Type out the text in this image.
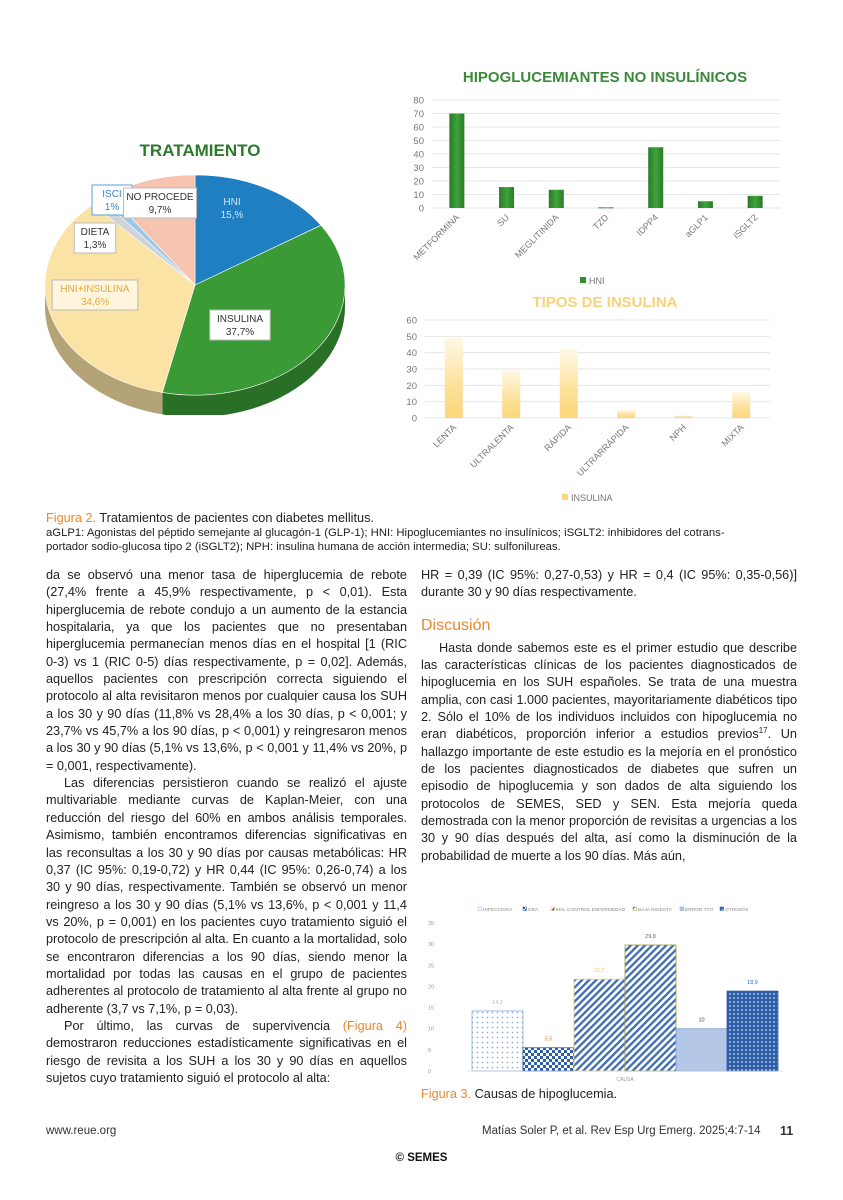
TRATAMIENTO
HNI
15,%
INSULINA
37,7%
HNI+INSULINA
34,6%
DIETA
1,3%
ISCI
1%
NO PROCEDE
9,7%
HIPOGLUCEMIANTES NO INSULÍNICOS
0
10
20
30
40
50
60
70
80
METFORMINA	SU MEGLITINIDA	TZD	IDPP4	aGLP1 iSGLT2
HNI
TIPOS DE INSULINA
0
10
20
30
40
50
60
LENTA ULTRALENTA	RÁPIDA ULTRARRÁPIDA	NPH	MIXTA
INSULINA
Figura 2. Tratamientos de pacientes con diabetes mellitus.
aGLP1: Agonistas del péptido semejante al glucagón-1 (GLP-1); HNI: Hipoglucemiantes no insulínicos; iSGLT2: inhibidores del cotrans-
portador sodio-glucosa tipo 2 (iSGLT2); NPH: insulina humana de acción intermedia; SU: sulfonilureas.

da se observó una menor tasa de hiperglucemia de rebote (27,4% frente a 45,9% respectivamente, p < 0,01). Esta hiperglucemia de rebote condujo a un aumento de la estancia hospitalaria, ya que los pacientes que no presentaban hiperglucemia permanecían menos días en el hospital [1 (RIC 0-3) vs 1 (RIC 0-5) días respectivamente, p = 0,02]. Además, aquellos pacientes con prescripción correcta siguiendo el protocolo al alta revisitaron menos por cualquier causa los SUH a los 30 y 90 días (11,8% vs 28,4% a los 30 días, p < 0,001; y 23,7% vs 45,7% a los 90 días, p < 0,001) y reingresaron menos a los 30 y 90 días (5,1% vs 13,6%, p < 0,001 y 11,4% vs 20%, p = 0,001, respectivamente).

Las diferencias persistieron cuando se realizó el ajuste multivariable mediante curvas de Kaplan-Meier, con una reducción del riesgo del 60% en ambos análisis temporales. Asimismo, también encontramos diferencias significativas en las reconsultas a los 30 y 90 días por causas metabólicas: HR 0,37 (IC 95%: 0,19-0,72) y HR 0,44 (IC 95%: 0,26-0,74) a los 30 y 90 días, respectivamente. También se observó un menor reingreso a los 30 y 90 días (5,1% vs 13,6%, p < 0,001 y 11,4 vs 20%, p = 0,001) en los pacientes cuyo tratamiento siguió el protocolo de prescripción al alta. En cuanto a la mortalidad, solo se encontraron diferencias a los 90 días, siendo menor la mortalidad por todas las causas en el grupo de pacientes adherentes al protocolo de tratamiento al alta frente al grupo no adherente (3,7 vs 7,1%, p = 0,03).

Por último, las curvas de supervivencia (Figura 4) demostraron reducciones estadísticamente significativas en el riesgo de revisita a los SUH a los 30 y 90 días en aquellos sujetos cuyo tratamiento siguió el protocolo al alta:

HR = 0,39 (IC 95%: 0,27-0,53) y HR = 0,4 (IC 95%: 0,35-0,56)] durante 30 y 90 días respectivamente.

Discusión

Hasta donde sabemos este es el primer estudio que describe las características clínicas de los pacientes diagnosticados de hipoglucemia en los SUH españoles. Se trata de una muestra amplia, con casi 1.000 pacientes, mayoritariamente diabéticos tipo 2. Sólo el 10% de los individuos incluidos con hipoglucemia no eran diabéticos, proporción inferior a estudios previos$^{17}$. Un hallazgo importante de este estudio es la mejoría en el pronóstico de los pacientes diagnosticados de diabetes que sufren un episodio de hipoglucemia y son dados de alta siguiendo los protocolos de SEMES, SED y SEN. Esta mejoría queda demostrada con la menor proporción de revisitas a urgencias a los 30 y 90 días después del alta, así como la disminución de la probabilidad de muerte a los 90 días. Más aún,

0
5
10
15
20
25
30
35
14,2
INFECCIOSA
5,5
GEA
21,7
MAL CONTROL ENFERMEDAD
29,8
BAJA INGESTA
10
ERROR TTO
18,9
OTROS/NI
CAUSA
Figura 3. Causas de hipoglucemia.
www.reue.org	Matías Soler P, et al. Rev Esp Urg Emerg. 2025;4:7-14 11
© SEMES
